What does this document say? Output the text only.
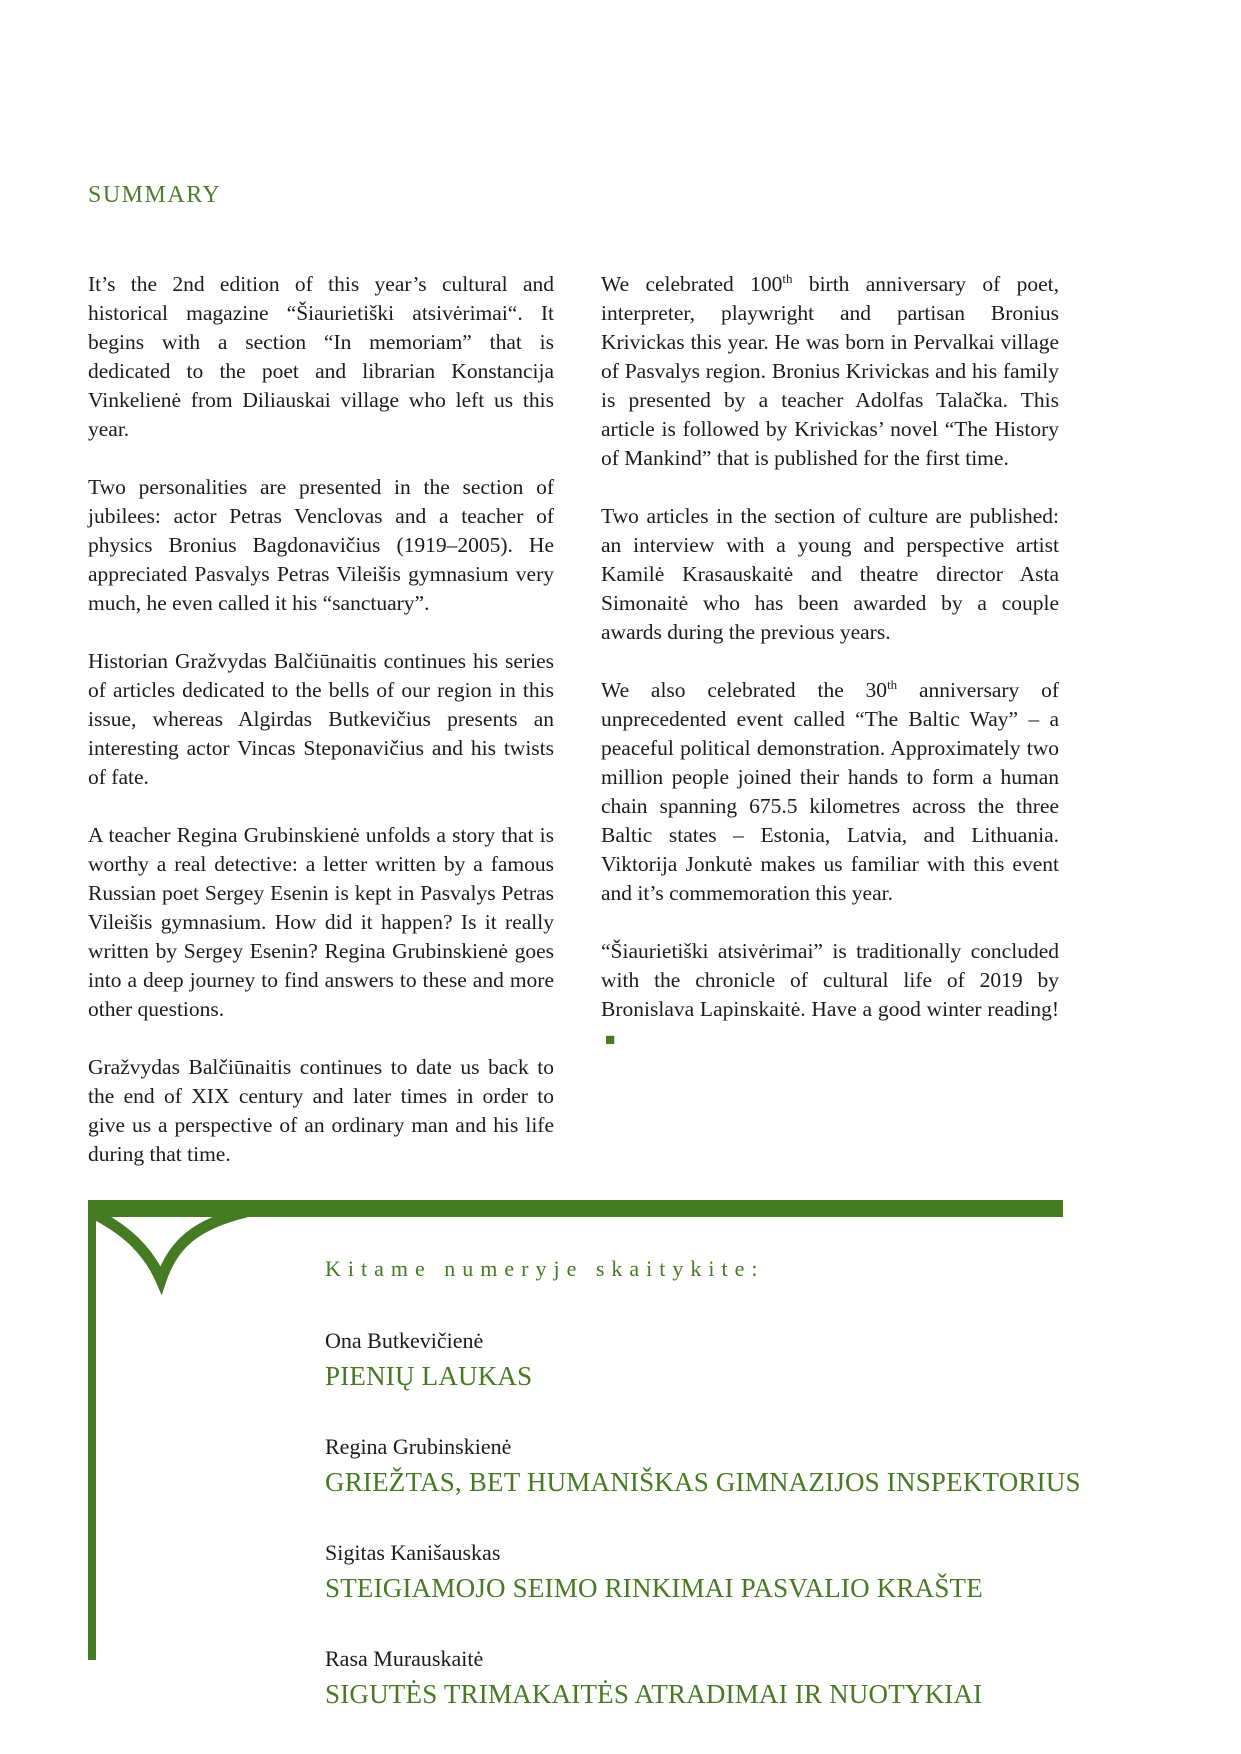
SUMMARY

It’s the 2nd edition of this year’s cultural and historical magazine “Šiaurietiški atsivėrimai“. It begins with a section “In memoriam” that is dedicated to the poet and librarian Konstancija Vinkelienė from Diliauskai village who left us this year.

Two personalities are presented in the section of jubilees: actor Petras Venclovas and a teacher of physics Bronius Bagdonavičius (1919–2005). He appreciated Pasvalys Petras Vileišis gymnasium very much, he even called it his “sanctuary”.

Historian Gražvydas Balčiūnaitis continues his series of articles dedicated to the bells of our region in this issue, whereas Algirdas Butkevičius presents an interesting actor Vincas Steponavičius and his twists of fate.

A teacher Regina Grubinskienė unfolds a story that is worthy a real detective: a letter written by a famous Russian poet Sergey Esenin is kept in Pasvalys Petras Vileišis gymnasium. How did it happen? Is it really written by Sergey Esenin? Regina Grubinskienė goes into a deep journey to find answers to these and more other questions.

Gražvydas Balčiūnaitis continues to date us back to the end of XIX century and later times in order to give us a perspective of an ordinary man and his life during that time.

We celebrated 100th birth anniversary of poet, interpreter, playwright and partisan Bronius Krivickas this year. He was born in Pervalkai village of Pasvalys region. Bronius Krivickas and his family is presented by a teacher Adolfas Talačka. This article is followed by Krivickas’ novel “The History of Mankind” that is published for the first time.

Two articles in the section of culture are published: an interview with a young and perspective artist Kamilė Krasauskaitė and theatre director Asta Simonaitė who has been awarded by a couple awards during the previous years.

We also celebrated the 30th anniversary of unprecedented event called “The Baltic Way” – a peaceful political demonstration. Approximately two million people joined their hands to form a human chain spanning 675.5 kilometres across the three Baltic states – Estonia, Latvia, and Lithuania. Viktorija Jonkutė makes us familiar with this event and it’s commemoration this year.

“Šiaurietiški atsivėrimai” is traditionally concluded with the chronicle of cultural life of 2019 by Bronislava Lapinskaitė. Have a good winter reading!■

Kitame numeryje skaitykite:

Ona Butkevičienė
PIENIŲ LAUKAS
Regina Grubinskienė
GRIEŽTAS, BET HUMANIŠKAS GIMNAZIJOS INSPEKTORIUS
Sigitas Kanišauskas
STEIGIAMOJO SEIMO RINKIMAI PASVALIO KRAŠTE
Rasa Murauskaitė
SIGUTĖS TRIMAKAITĖS ATRADIMAI IR NUOTYKIAI
